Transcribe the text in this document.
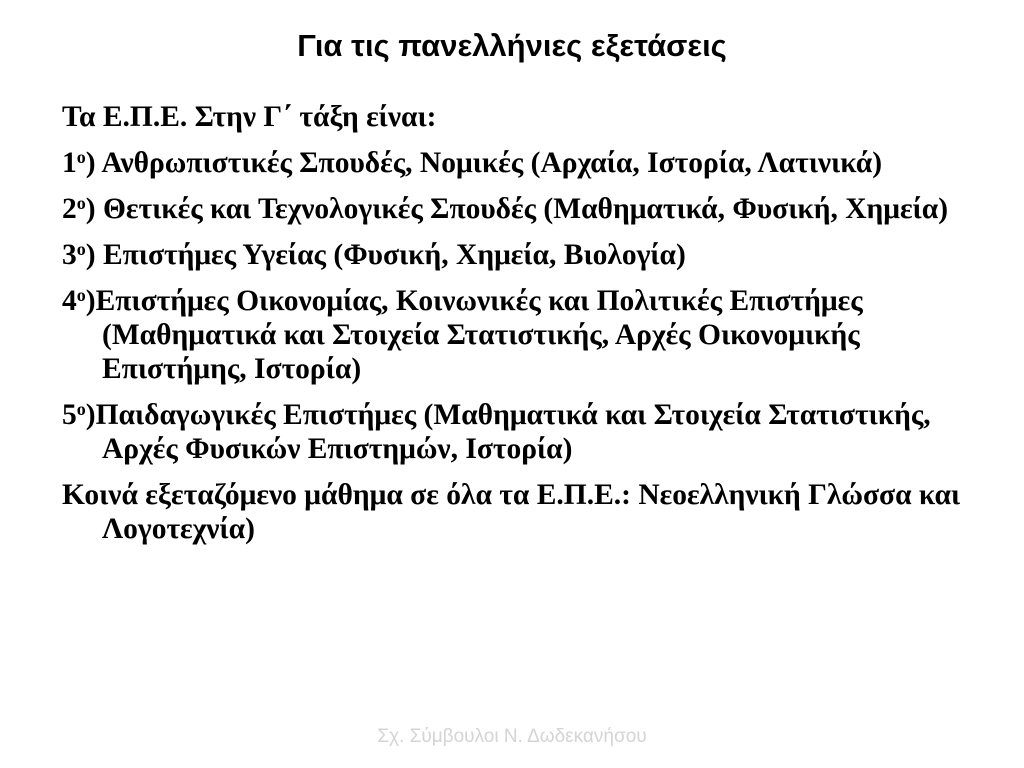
Για τις πανελλήνιες εξετάσεις

Τα Ε.Π.Ε. Στην Γ΄ τάξη είναι:

$1^o$) Ανθρωπιστικές Σπουδές, Νομικές (Αρχαία, Ιστορία, Λατινικά)

$2^o$) Θετικές και Τεχνολογικές Σπουδές (Μαθηματικά, Φυσική, Χημεία)

$3^o$) Επιστήμες Υγείας (Φυσική, Χημεία, Βιολογία)

$4^o)E\pi\iota\sigma\tau ή\mu\varepsilon\varsigma$ Οικονομίας, Κοινωνικές και Πολιτικές Επιστήμες (Μαθηματικά και Στοιχεία Στατιστικής, Αρχές Οικονομικής Επιστήμης, Ιστορία)

$5^o)\Pi\alpha\iota\delta\alpha\gamma\omega\gamma\iota\kappa έ\varsigma$ Επιστήμες (Μαθηματικά και Στοιχεία Στατιστικής, Αρχές Φυσικών Επιστημών, Ιστορία)

Κοινά εξεταζόμενο μάθημα σε όλα τα Ε.Π.Ε.: Νεοελληνική Γλώσσα και Λογοτεχνία)

Σχ. Σύμβουλοι Ν. Δωδεκανήσου
